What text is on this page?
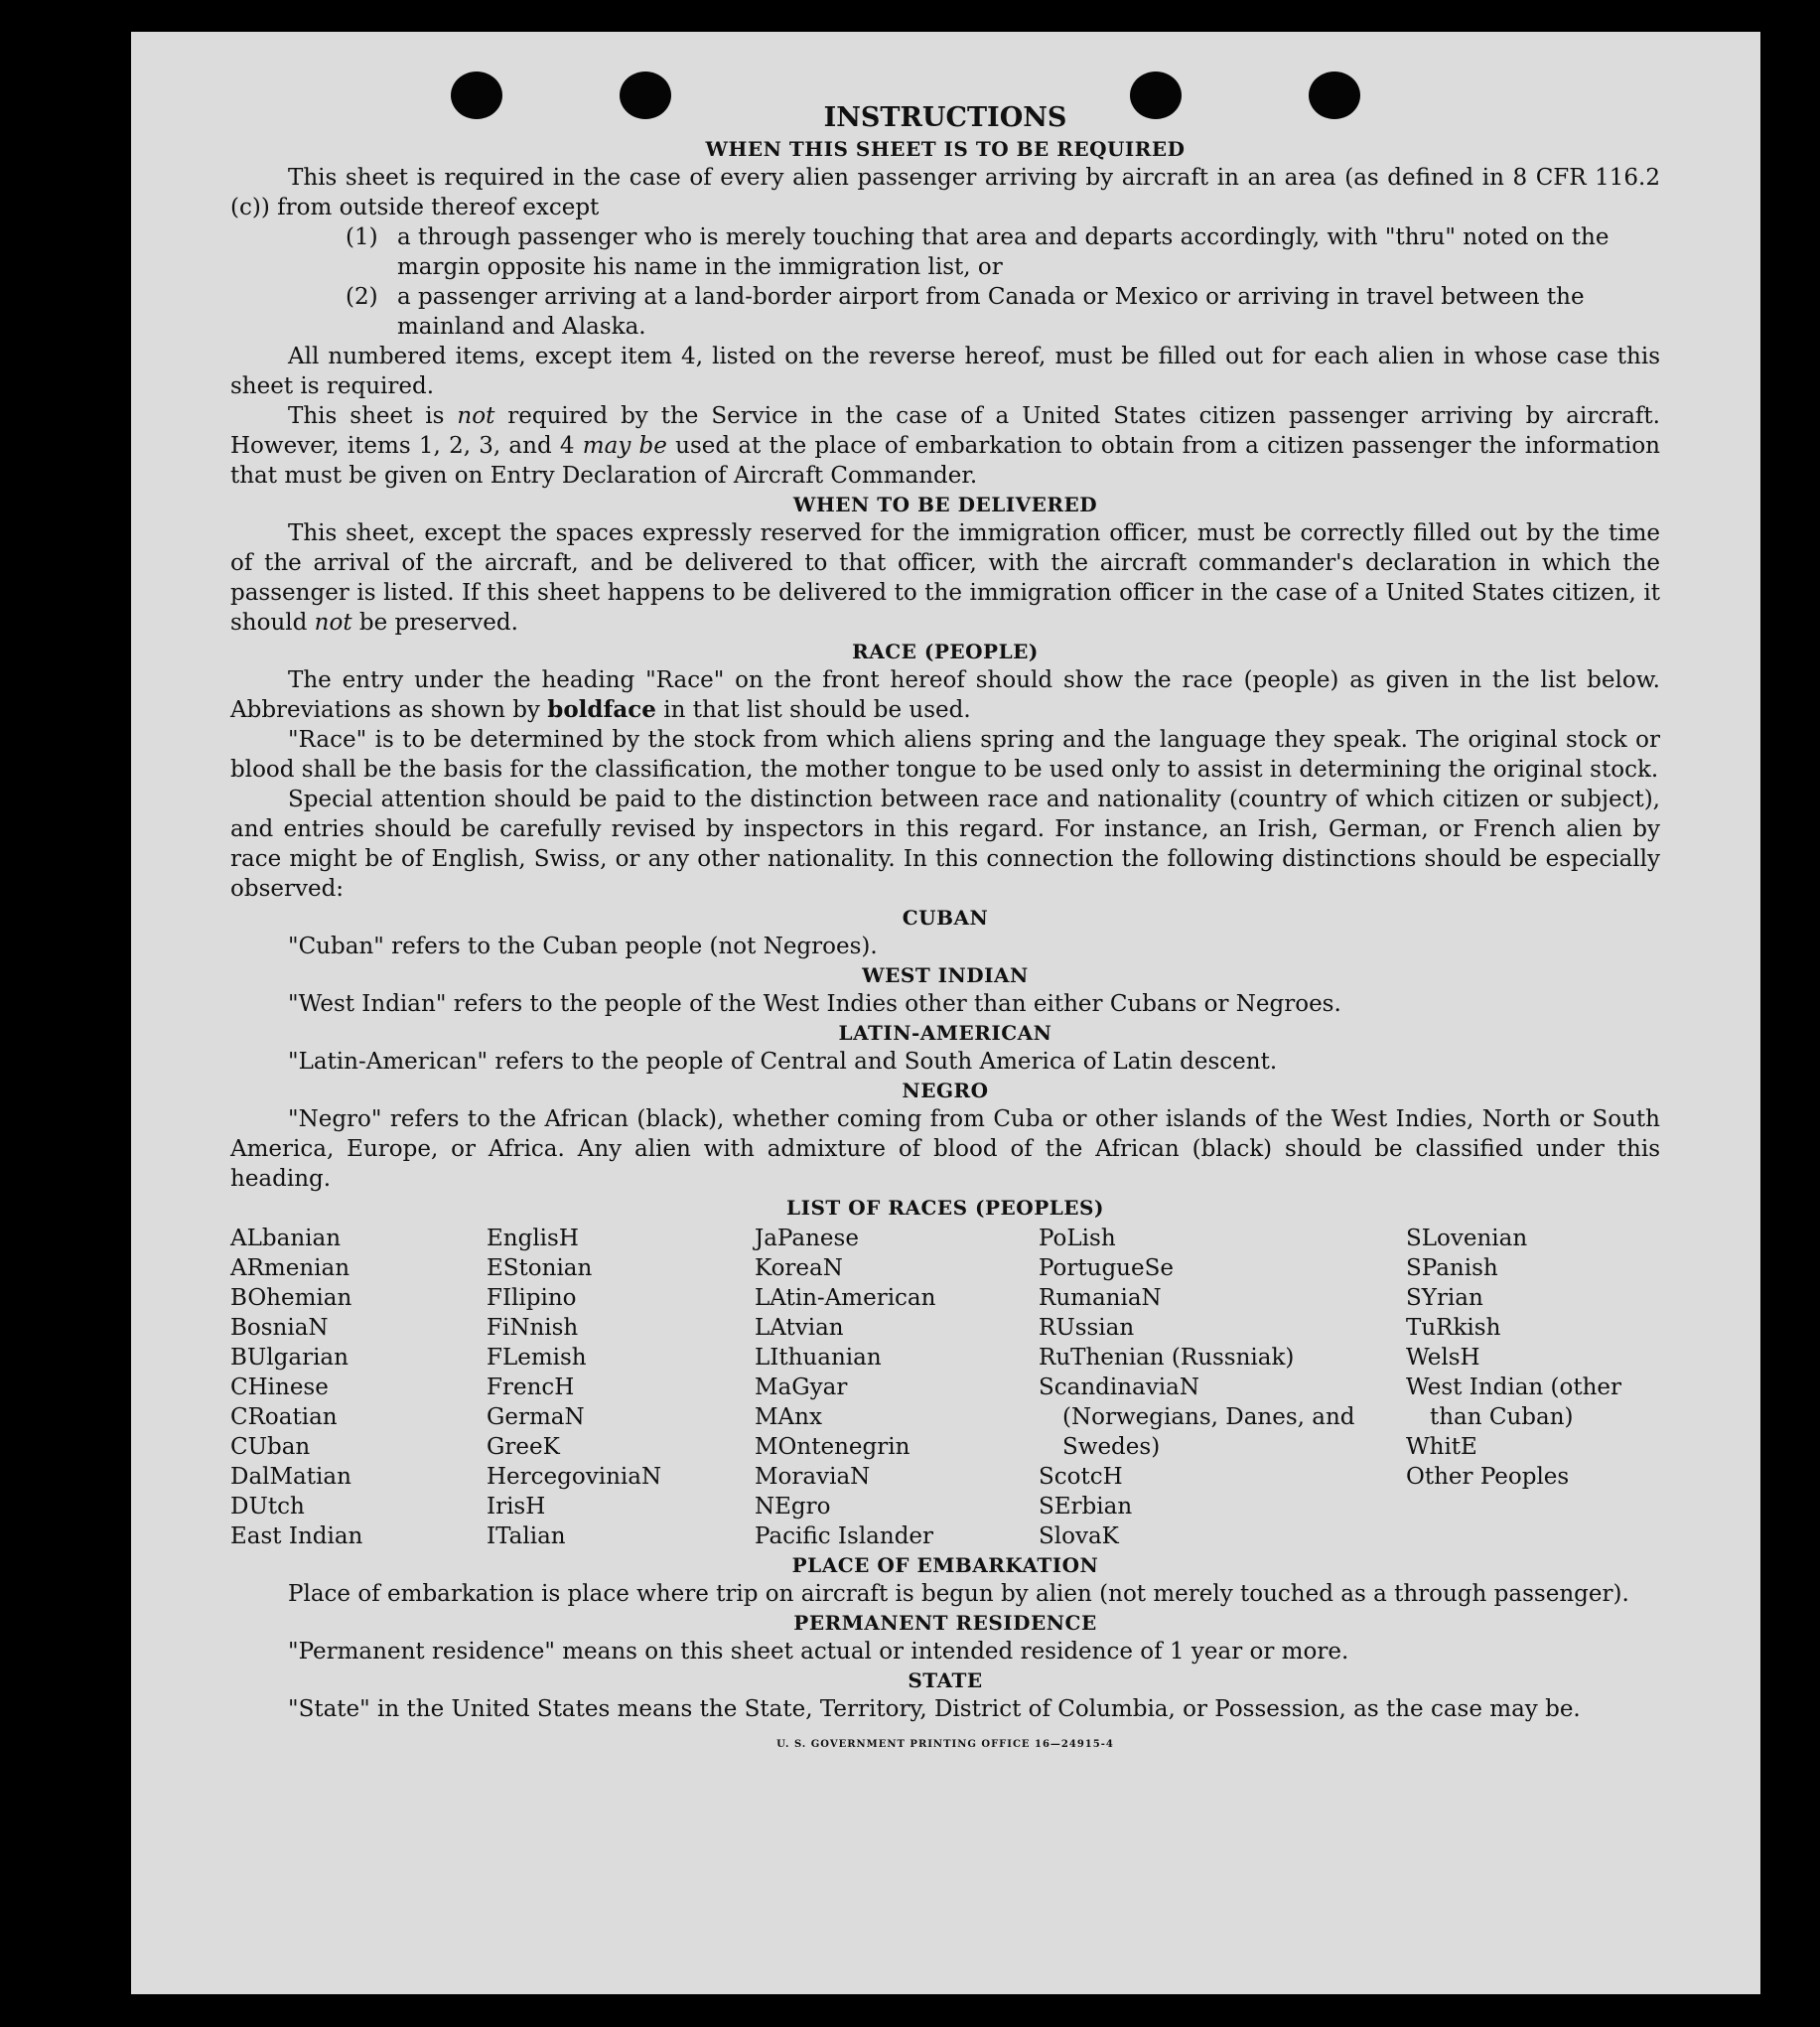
INSTRUCTIONS

WHEN THIS SHEET IS TO BE REQUIRED

This sheet is required in the case of every alien passenger arriving by aircraft in an area (as defined in 8 CFR 116.2 (c)) from outside thereof except

(1) a through passenger who is merely touching that area and departs accordingly, with "thru" noted on the margin opposite his name in the immigration list, or
(2) a passenger arriving at a land-border airport from Canada or Mexico or arriving in travel between the mainland and Alaska.

All numbered items, except item 4, listed on the reverse hereof, must be filled out for each alien in whose case this sheet is required.

This sheet is not required by the Service in the case of a United States citizen passenger arriving by aircraft. However, items 1, 2, 3, and 4 may be used at the place of embarkation to obtain from a citizen passenger the information that must be given on Entry Declaration of Aircraft Commander.

WHEN TO BE DELIVERED

This sheet, except the spaces expressly reserved for the immigration officer, must be correctly filled out by the time of the arrival of the aircraft, and be delivered to that officer, with the aircraft commander's declaration in which the passenger is listed. If this sheet happens to be delivered to the immigration officer in the case of a United States citizen, it should not be preserved.

RACE (PEOPLE)

The entry under the heading "Race" on the front hereof should show the race (people) as given in the list below. Abbreviations as shown by boldface in that list should be used.

"Race" is to be determined by the stock from which aliens spring and the language they speak. The original stock or blood shall be the basis for the classification, the mother tongue to be used only to assist in determining the original stock.

Special attention should be paid to the distinction between race and nationality (country of which citizen or subject), and entries should be carefully revised by inspectors in this regard. For instance, an Irish, German, or French alien by race might be of English, Swiss, or any other nationality. In this connection the following distinctions should be especially observed:

CUBAN

"Cuban" refers to the Cuban people (not Negroes).

WEST INDIAN

"West Indian" refers to the people of the West Indies other than either Cubans or Negroes.

LATIN-AMERICAN

"Latin-American" refers to the people of Central and South America of Latin descent.

NEGRO

"Negro" refers to the African (black), whether coming from Cuba or other islands of the West Indies, North or South America, Europe, or Africa. Any alien with admixture of blood of the African (black) should be classified under this heading.

LIST OF RACES (PEOPLES)

ALbanian
ARmenian
BOhemian
BosniaN
BUlgarian
CHinese
CRoatian
CUban
DalMatian
DUtch
East Indian
EnglisH
EStonian
FIlipino
FiNnish
FLemish
FrencH
GermaN
GreeK
HercegoviniaN
IrisH
ITalian
JaPanese
KoreaN
LAtin-American
LAtvian
LIthuanian
MaGyar
MAnx
MOntenegrin
MoraviaN
NEgro
Pacific Islander
PoLish
PortugueSe
RumaniaN
RUssian
RuThenian (Russniak)
ScandinaviaN (Norwegians, Danes, and Swedes)
ScotcH
SErbian
SlovaK
SLovenian
SPanish
SYrian
TuRkish
WelsH
West Indian (other than Cuban)
WhitE
Other Peoples

PLACE OF EMBARKATION

Place of embarkation is place where trip on aircraft is begun by alien (not merely touched as a through passenger).

PERMANENT RESIDENCE

"Permanent residence" means on this sheet actual or intended residence of 1 year or more.

STATE

"State" in the United States means the State, Territory, District of Columbia, or Possession, as the case may be.

U. S. GOVERNMENT PRINTING OFFICE 16—24915-4
